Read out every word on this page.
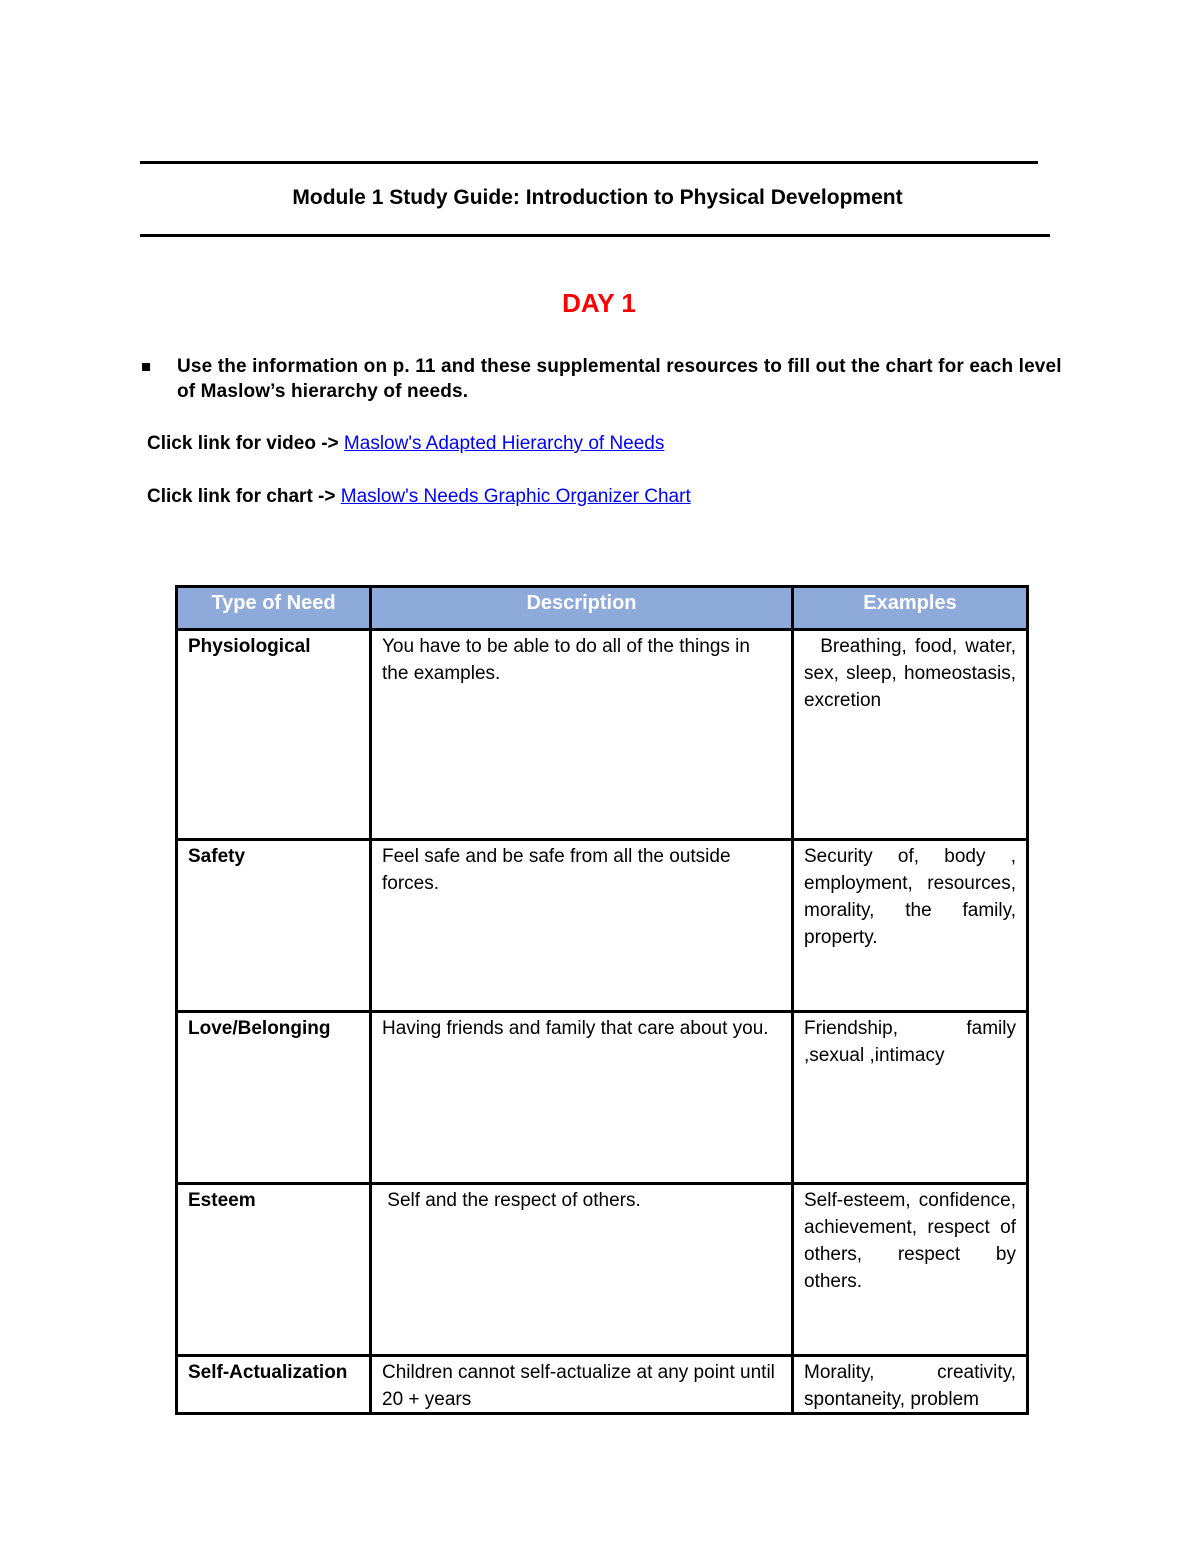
Module 1 Study Guide: Introduction to Physical Development
DAY 1
Use the information on p. 11 and these supplemental resources to fill out the chart for each level of Maslow’s hierarchy of needs.
Click link for video -> Maslow's Adapted Hierarchy of Needs
Click link for chart -> Maslow's Needs Graphic Organizer Chart
Type of Need	Description	Examples
Physiological	You have to be able to do all of the things in the examples.	Breathing, food, water, sex, sleep, homeostasis, excretion
Safety	Feel safe and be safe from all the outside forces.	Security of, body , employment, resources, morality, the family, property.
Love/Belonging	Having friends and family that care about you.	Friendship, family ,sexual ,intimacy
Esteem	Self and the respect of others.	Self-esteem, confidence, achievement, respect of others, respect by others.

Self-Actualization	Children cannot self-actualize at any point until 20 + years	Morality, creativity, spontaneity, problem
